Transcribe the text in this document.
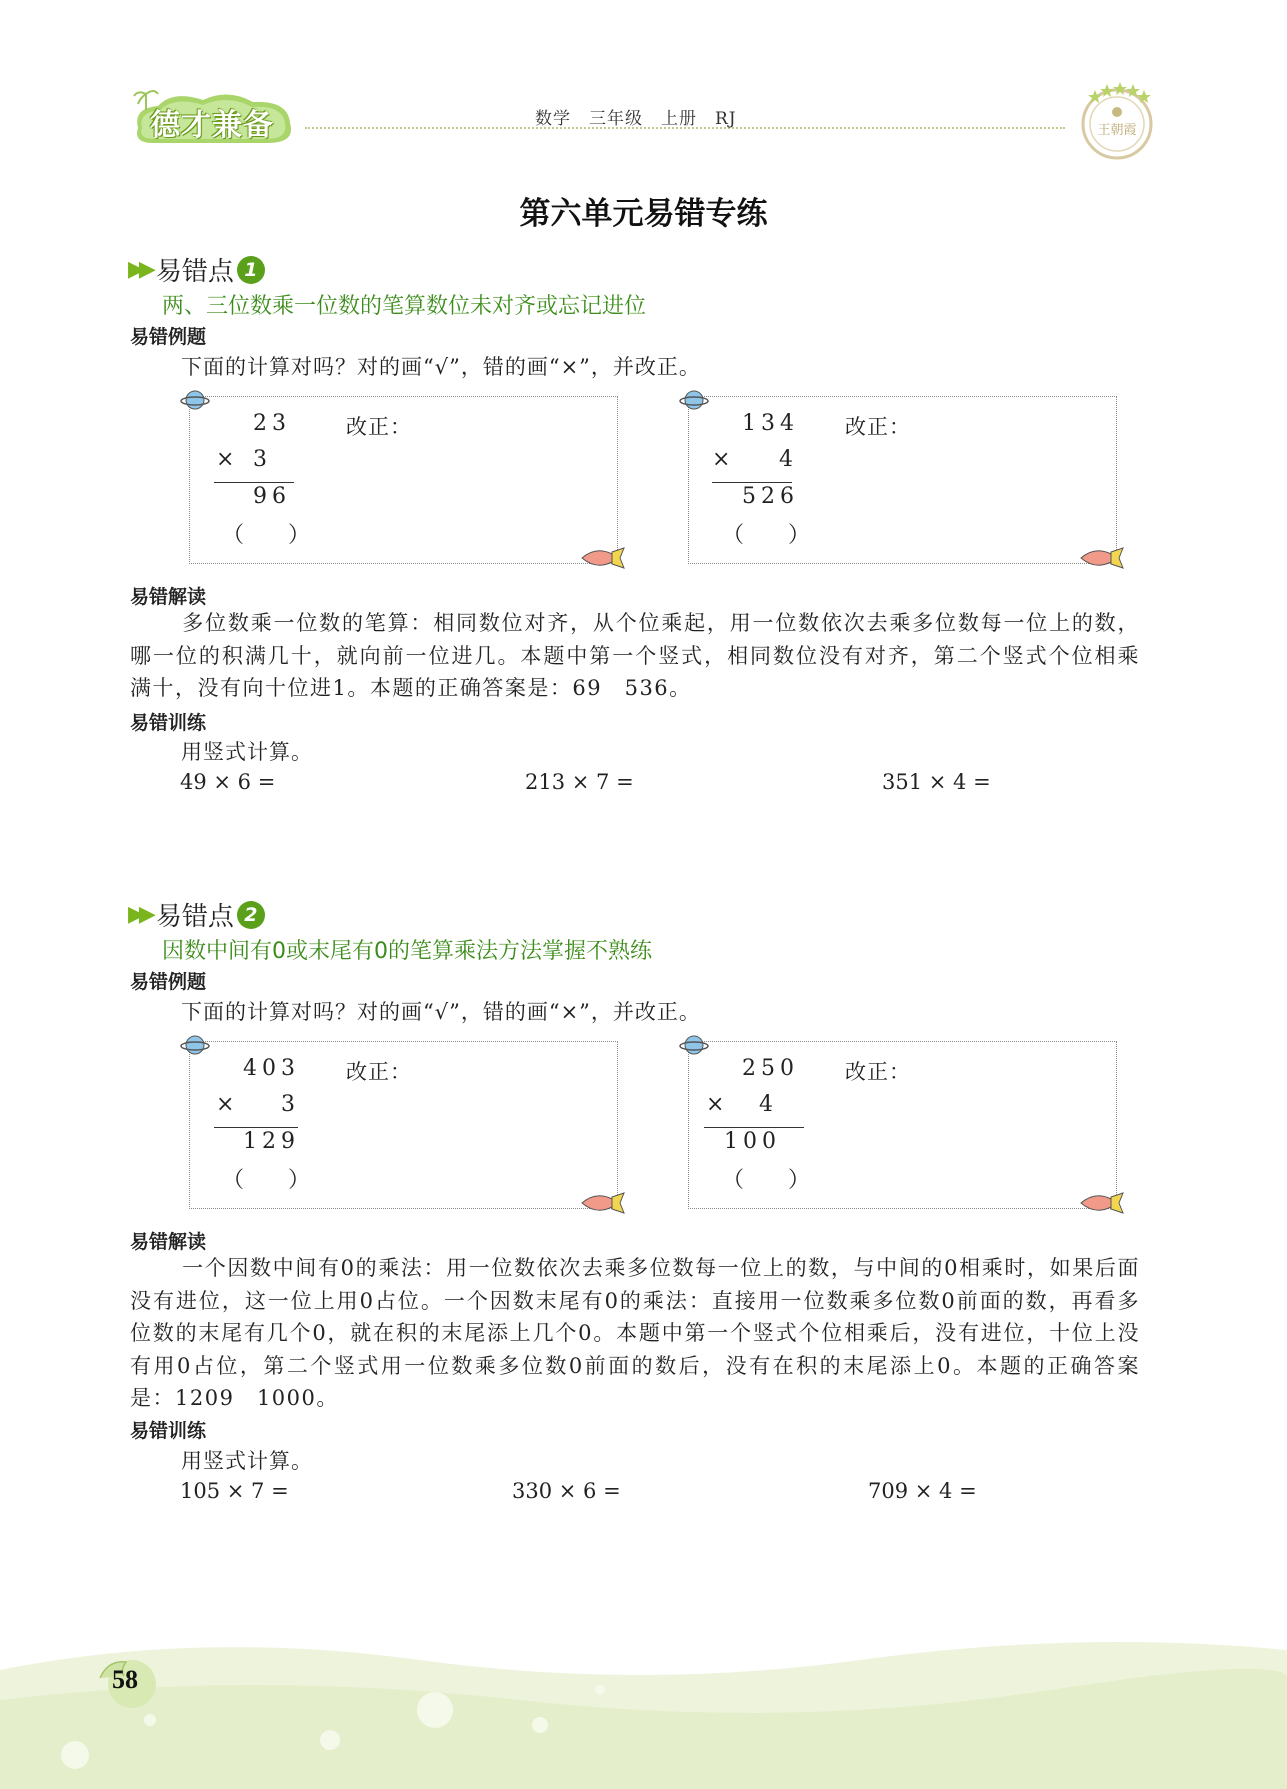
德才兼备	数学　三年级　上册　RJ
王朝霞
第六单元易错专练
▶▶ 易错点 1
两、三位数乘一位数的笔算数位未对齐或忘记进位
易错例题
下面的计算对吗？对的画“√”，错的画“×”，并改正。
23
× 3
96
（　　）
改正：	134
× 4
526
（　　）
改正：
易错解读
多位数乘一位数的笔算：相同数位对齐，从个位乘起，用一位数依次去乘多位数每一位上的数，哪一位的积满几十，就向前一位进几。本题中第一个竖式，相同数位没有对齐，第二个竖式个位相乘满十，没有向十位进1。本题的正确答案是：69　536。
易错训练
用竖式计算。
49 × 6 =	213 × 7 =	351 × 4 =
▶▶ 易错点 2
因数中间有0或末尾有0的笔算乘法方法掌握不熟练
易错例题
下面的计算对吗？对的画“√”，错的画“×”，并改正。
403
× 3
129
（　　）
改正：	250
× 4
100
（　　）
改正：
易错解读
一个因数中间有0的乘法：用一位数依次去乘多位数每一位上的数，与中间的0相乘时，如果后面没有进位，这一位上用0占位。一个因数末尾有0的乘法：直接用一位数乘多位数0前面的数，再看多位数的末尾有几个0，就在积的末尾添上几个0。本题中第一个竖式个位相乘后，没有进位，十位上没有用0占位，第二个竖式用一位数乘多位数0前面的数后，没有在积的末尾添上0。本题的正确答案是：1209　1000。
易错训练
用竖式计算。
105 × 7 =	330 × 6 =	709 × 4 =
58
